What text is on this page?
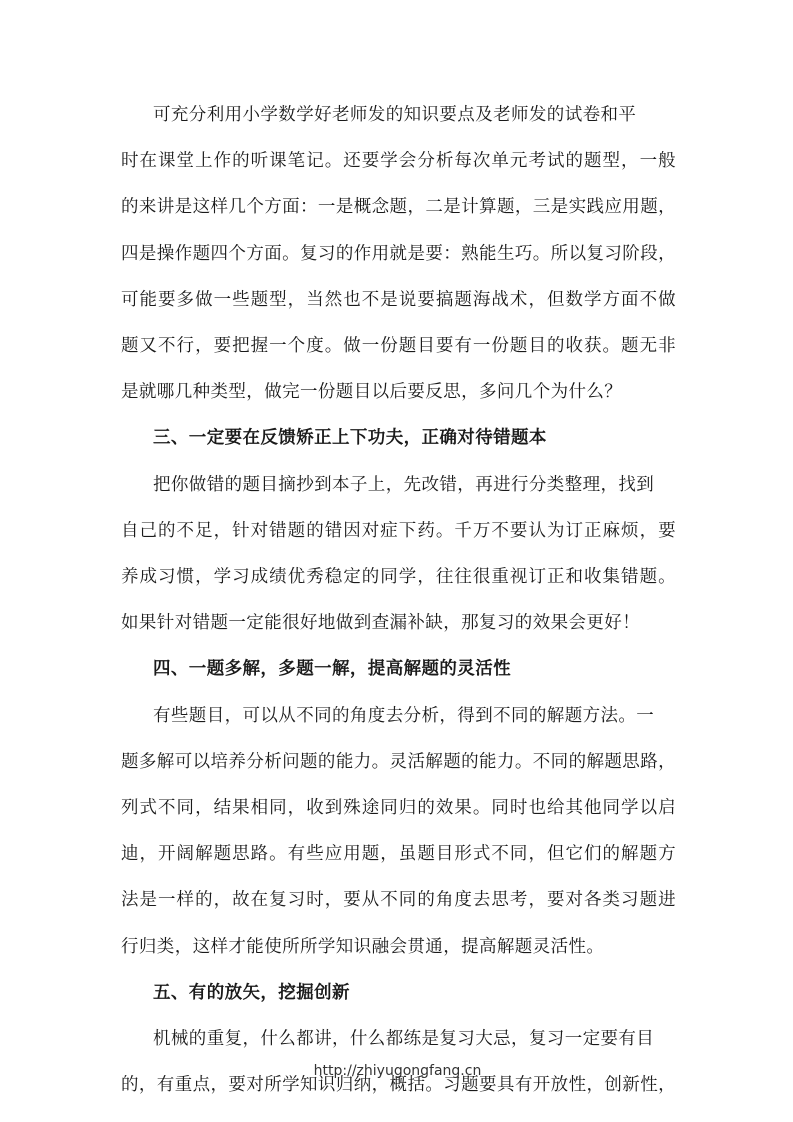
可充分利用小学数学好老师发的知识要点及老师发的试卷和平
时在课堂上作的听课笔记。还要学会分析每次单元考试的题型，一般
的来讲是这样几个方面：一是概念题，二是计算题，三是实践应用题，
四是操作题四个方面。复习的作用就是要：熟能生巧。所以复习阶段，
可能要多做一些题型，当然也不是说要搞题海战术，但数学方面不做
题又不行，要把握一个度。做一份题目要有一份题目的收获。题无非
是就哪几种类型，做完一份题目以后要反思，多问几个为什么？
三、一定要在反馈矫正上下功夫，正确对待错题本
把你做错的题目摘抄到本子上，先改错，再进行分类整理，找到
自己的不足，针对错题的错因对症下药。千万不要认为订正麻烦，要
养成习惯，学习成绩优秀稳定的同学，往往很重视订正和收集错题。
如果针对错题一定能很好地做到查漏补缺，那复习的效果会更好！
四、一题多解，多题一解，提高解题的灵活性
有些题目，可以从不同的角度去分析，得到不同的解题方法。一
题多解可以培养分析问题的能力。灵活解题的能力。不同的解题思路，
列式不同，结果相同，收到殊途同归的效果。同时也给其他同学以启
迪，开阔解题思路。有些应用题，虽题目形式不同，但它们的解题方
法是一样的，故在复习时，要从不同的角度去思考，要对各类习题进
行归类，这样才能使所所学知识融会贯通，提高解题灵活性。
五、有的放矢，挖掘创新
机械的重复，什么都讲，什么都练是复习大忌，复习一定要有目
的，有重点，要对所学知识归纳，概括。习题要具有开放性，创新性，
http://zhiyugongfang.cn
